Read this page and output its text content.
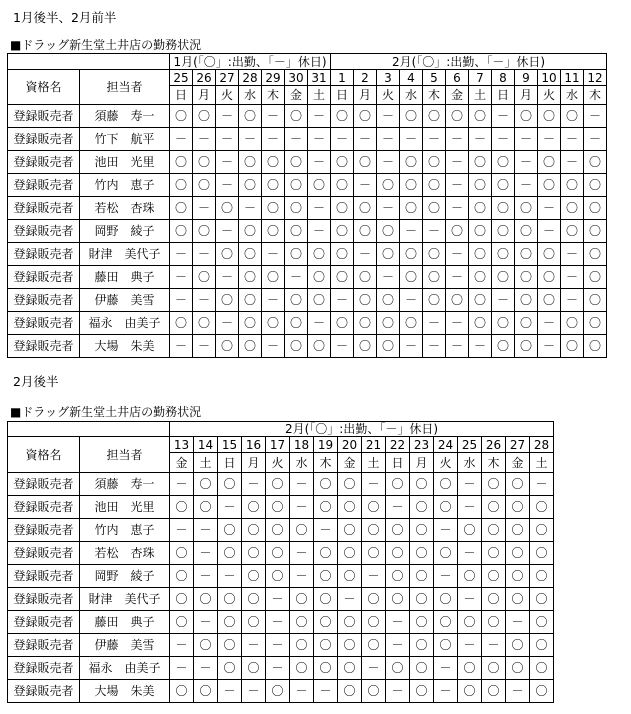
1月後半、2月前半
■ドラッグ新生堂土井店の勤務状況
		1月(「〇」:出勤、「－」休日)							2月(「〇」:出勤、「－」休日)											
資格名	担当者	25	26	27	28	29	30	31	1	2	3	4	5	6	7	8	9	10	11	12
		日	月	火	水	木	金	土	日	月	火	水	木	金	土	日	月	火	水	木
登録販売者	須藤　寿一	〇	〇	－	〇	－	〇	－	〇	〇	－	〇	〇	〇	〇	－	〇	〇	〇	－
登録販売者	竹下　航平	－	－	－	－	－	－	－	－	－	－	－	－	－	－	－	－	－	－	－
登録販売者	池田　光里	〇	〇	－	〇	〇	〇	－	〇	〇	－	〇	〇	－	〇	〇	－	〇	－	〇
登録販売者	竹内　恵子	〇	〇	－	〇	〇	〇	〇	〇	－	〇	〇	〇	－	〇	〇	－	〇	〇	〇
登録販売者	若松　杏珠	〇	－	〇	－	〇	〇	－	〇	〇	－	〇	〇	－	〇	〇	〇	－	〇	〇
登録販売者	岡野　綾子	〇	〇	－	〇	〇	〇	－	〇	〇	〇	－	－	〇	〇	〇	〇	－	〇	〇
登録販売者	財津　美代子	－	－	〇	〇	－	〇	〇	〇	－	〇	〇	〇	－	〇	〇	〇	〇	－	〇
登録販売者	藤田　典子	－	〇	－	〇	〇	－	〇	〇	〇	－	〇	〇	－	〇	〇	〇	〇	－	〇
登録販売者	伊藤　美雪	－	－	〇	〇	－	〇	〇	－	〇	〇	－	〇	〇	〇	－	〇	〇	－	〇
登録販売者	福永　由美子	〇	〇	－	〇	〇	〇	－	〇	〇	〇	〇	－	－	〇	〇	〇	－	〇	〇
登録販売者	大場　朱美	－	－	〇	〇	－	〇	〇	－	〇	〇	－	－	－	－	〇	〇	－	〇	〇
2月後半
■ドラッグ新生堂土井店の勤務状況
		2月(「〇」:出勤、「－」休日)															
資格名	担当者	13	14	15	16	17	18	19	20	21	22	23	24	25	26	27	28
		金	土	日	月	火	水	木	金	土	日	月	火	水	木	金	土
登録販売者	須藤　寿一	－	〇	〇	－	〇	－	〇	〇	－	〇	〇	〇	－	〇	〇	－
登録販売者	池田　光里	〇	〇	－	〇	〇	－	〇	〇	〇	－	〇	〇	－	〇	〇	〇
登録販売者	竹内　恵子	－	－	〇	〇	〇	〇	－	〇	〇	〇	〇	－	〇	〇	〇	〇
登録販売者	若松　杏珠	〇	－	〇	〇	〇	－	〇	〇	〇	〇	〇	〇	－	〇	〇	〇
登録販売者	岡野　綾子	〇	－	－	〇	〇	－	〇	〇	－	〇	〇	－	〇	〇	〇	〇
登録販売者	財津　美代子	〇	〇	〇	〇	－	〇	〇	－	〇	〇	〇	〇	－	〇	〇	〇
登録販売者	藤田　典子	〇	－	〇	〇	－	〇	〇	〇	〇	－	〇	〇	〇	〇	－	〇
登録販売者	伊藤　美雪	－	〇	〇	－	－	〇	〇	〇	〇	－	〇	〇	－	－	〇	〇
登録販売者	福永　由美子	－	－	〇	〇	－	〇	〇	〇	－	〇	〇	－	〇	〇	〇	〇
登録販売者	大場　朱美	〇	〇	－	－	〇	－	－	〇	〇	－	〇	－	〇	〇	－	〇
